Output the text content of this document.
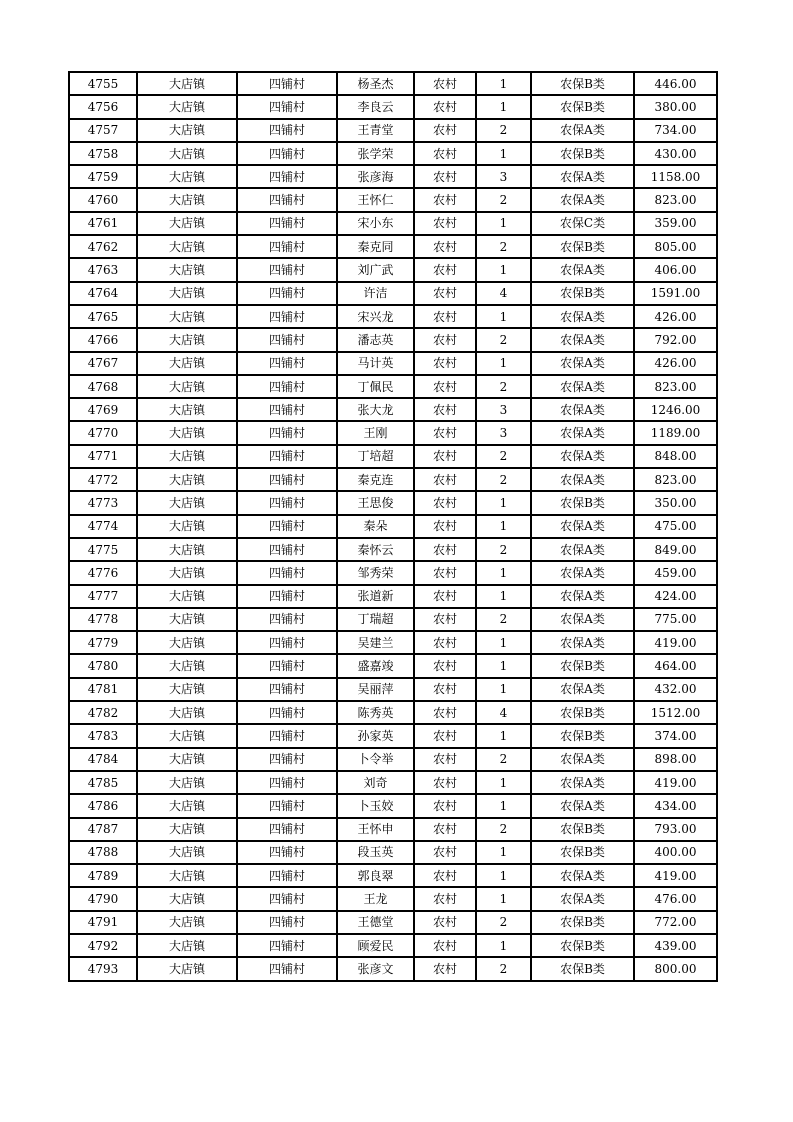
4755	大店镇	四铺村	杨圣杰	农村	1	农保B类	446.00
4756	大店镇	四铺村	李良云	农村	1	农保B类	380.00
4757	大店镇	四铺村	王青堂	农村	2	农保A类	734.00
4758	大店镇	四铺村	张学荣	农村	1	农保B类	430.00
4759	大店镇	四铺村	张彦海	农村	3	农保A类	1158.00
4760	大店镇	四铺村	王怀仁	农村	2	农保A类	823.00
4761	大店镇	四铺村	宋小东	农村	1	农保C类	359.00
4762	大店镇	四铺村	秦克同	农村	2	农保B类	805.00
4763	大店镇	四铺村	刘广武	农村	1	农保A类	406.00
4764	大店镇	四铺村	许洁	农村	4	农保B类	1591.00
4765	大店镇	四铺村	宋兴龙	农村	1	农保A类	426.00
4766	大店镇	四铺村	潘志英	农村	2	农保A类	792.00
4767	大店镇	四铺村	马计英	农村	1	农保A类	426.00
4768	大店镇	四铺村	丁佩民	农村	2	农保A类	823.00
4769	大店镇	四铺村	张大龙	农村	3	农保A类	1246.00
4770	大店镇	四铺村	王刚	农村	3	农保A类	1189.00
4771	大店镇	四铺村	丁培超	农村	2	农保A类	848.00
4772	大店镇	四铺村	秦克连	农村	2	农保A类	823.00
4773	大店镇	四铺村	王思俊	农村	1	农保B类	350.00
4774	大店镇	四铺村	秦朵	农村	1	农保A类	475.00
4775	大店镇	四铺村	秦怀云	农村	2	农保A类	849.00
4776	大店镇	四铺村	邹秀荣	农村	1	农保A类	459.00
4777	大店镇	四铺村	张道新	农村	1	农保A类	424.00
4778	大店镇	四铺村	丁瑞超	农村	2	农保A类	775.00
4779	大店镇	四铺村	吴建兰	农村	1	农保A类	419.00
4780	大店镇	四铺村	盛嘉竣	农村	1	农保B类	464.00
4781	大店镇	四铺村	吴丽萍	农村	1	农保A类	432.00
4782	大店镇	四铺村	陈秀英	农村	4	农保B类	1512.00
4783	大店镇	四铺村	孙家英	农村	1	农保B类	374.00
4784	大店镇	四铺村	卜令举	农村	2	农保A类	898.00
4785	大店镇	四铺村	刘奇	农村	1	农保A类	419.00
4786	大店镇	四铺村	卜玉姣	农村	1	农保A类	434.00
4787	大店镇	四铺村	王怀申	农村	2	农保B类	793.00
4788	大店镇	四铺村	段玉英	农村	1	农保B类	400.00
4789	大店镇	四铺村	郭良翠	农村	1	农保A类	419.00
4790	大店镇	四铺村	王龙	农村	1	农保A类	476.00
4791	大店镇	四铺村	王德堂	农村	2	农保B类	772.00
4792	大店镇	四铺村	顾爱民	农村	1	农保B类	439.00
4793	大店镇	四铺村	张彦文	农村	2	农保B类	800.00
